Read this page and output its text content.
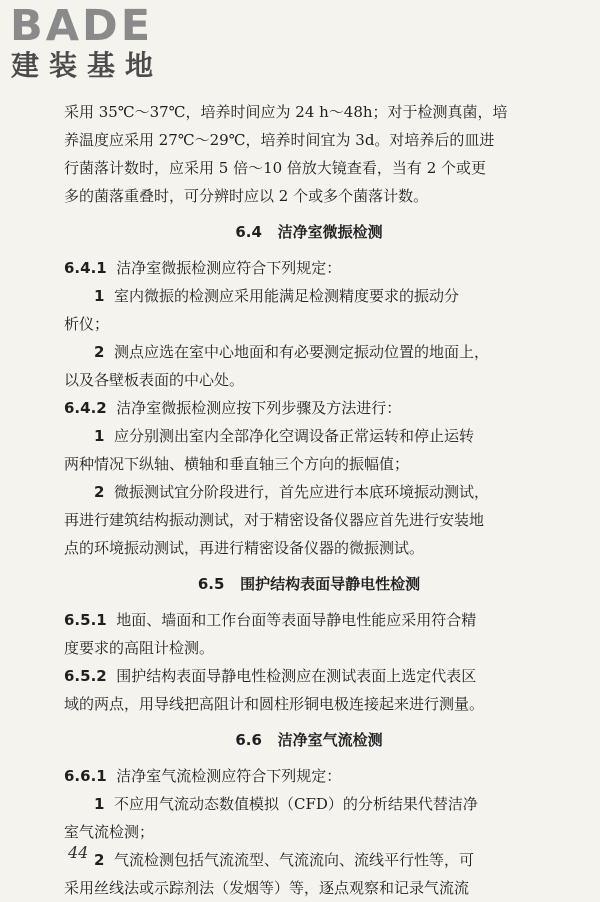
BADE
建装基地
采用 35℃～37℃，培养时间应为 24 h～48h；对于检测真菌，培
养温度应采用 27℃～29℃，培养时间宜为 3d。对培养后的皿进
行菌落计数时，应采用 5 倍～10 倍放大镜查看，当有 2 个或更
多的菌落重叠时，可分辨时应以 2 个或多个菌落计数。
6.4 洁净室微振检测
6.4.1 洁净室微振检测应符合下列规定：
1 室内微振的检测应采用能满足检测精度要求的振动分
析仪；
2 测点应选在室中心地面和有必要测定振动位置的地面上，
以及各壁板表面的中心处。
6.4.2 洁净室微振检测应按下列步骤及方法进行：
1 应分别测出室内全部净化空调设备正常运转和停止运转
两种情况下纵轴、横轴和垂直轴三个方向的振幅值；
2 微振测试宜分阶段进行，首先应进行本底环境振动测试，
再进行建筑结构振动测试，对于精密设备仪器应首先进行安装地
点的环境振动测试，再进行精密设备仪器的微振测试。
6.5 围护结构表面导静电性检测
6.5.1 地面、墙面和工作台面等表面导静电性能应采用符合精
度要求的高阻计检测。
6.5.2 围护结构表面导静电性检测应在测试表面上选定代表区
域的两点，用导线把高阻计和圆柱形铜电极连接起来进行测量。
6.6 洁净室气流检测
6.6.1 洁净室气流检测应符合下列规定：
1 不应用气流动态数值模拟（CFD）的分析结果代替洁净
室气流检测；
2 气流检测包括气流流型、气流流向、流线平行性等，可
采用丝线法或示踪剂法（发烟等）等，逐点观察和记录气流流
44
